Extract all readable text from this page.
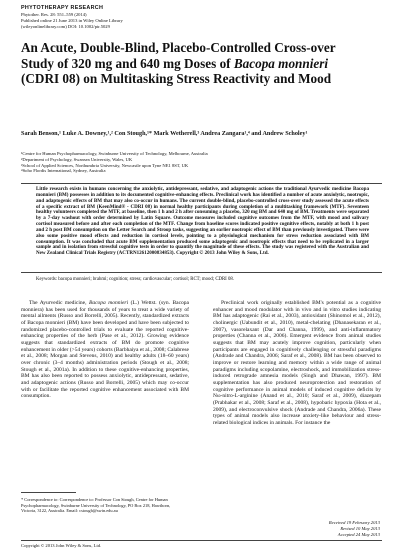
PHYTOTHERAPY RESEARCH
Phytother. Res. 28: 551–559 (2014)
Published online 21 June 2013 in Wiley Online Library
(wileyonlinelibrary.com) DOI: 10.1002/ptr.5029
An Acute, Double-Blind, Placebo-Controlled Cross-over Study of 320 mg and 640 mg Doses of Bacopa monnieri (CDRI 08) on Multitasking Stress Reactivity and Mood

Sarah Benson,¹ Luke A. Downey,¹,² Con Stough,¹* Mark Wetherell,³ Andrea Zangara¹,⁴ and Andrew Scholey¹

¹Centre for Human Psychopharmacology, Swinburne University of Technology, Melbourne, Australia
²Department of Psychology, Swansea University, Wales, UK
³School of Applied Sciences, Northumbria University, Newcastle upon Tyne NE1 8ST, UK
⁴Soho Flordis International, Sydney, Australia

Little research exists in humans concerning the anxiolytic, antidepressant, sedative, and adaptogenic actions the traditional Ayurvedic medicine Bacopa monnieri (BM) possesses in addition to its documented cognitive-enhancing effects. Preclinical work has identified a number of acute anxiolytic, nootropic, and adaptogenic effects of BM that may also co-occur in humans. The current double-blind, placebo-controlled cross-over study assessed the acute effects of a specific extract of BM (KeenMind® - CDRI 08) in normal healthy participants during completion of a multitasking framework (MTF). Seventeen healthy volunteers completed the MTF, at baseline, then 1 h and 2 h after consuming a placebo, 320 mg BM and 640 mg of BM. Treatments were separated by a 7-day washout with order determined by Latin Square. Outcome measures included cognitive outcomes from the MTF, with mood and salivary cortisol measured before and after each completion of the MTF. Change from baseline scores indicated positive cognitive effects, notably at both 1 h post and 2 h post BM consumption on the Letter Search and Stroop tasks, suggesting an earlier nootropic effect of BM than previously investigated. There were also some positive mood effects and reduction in cortisol levels, pointing to a physiological mechanism for stress reduction associated with BM consumption. It was concluded that acute BM supplementation produced some adaptogenic and nootropic effects that need to be replicated in a larger sample and in isolation from stressful cognitive tests in order to quantify the magnitude of these effects. The study was registered with the Australian and New Zealand Clinical Trials Registry (ACTRN12612000834853). Copyright © 2013 John Wiley & Sons, Ltd.

Keywords: bacopa monnieri; brahmi; cognition; stress; cardiovascular; cortisol; RCT; mood; CDRI 08.

The Ayurvedic medicine, Bacopa monnieri (L.) Wettst. (syn. Bacopa monniera) has been used for thousands of years to treat a wide variety of mental ailments (Russo and Borrelli, 2005). Recently, standardized extracts of Bacopa monnieri (BM) have been developed and have been subjected to randomized placebo-controlled trials to evaluate the reported cognitive-enhancing properties of the herb (Pase et al., 2012). Growing evidence suggests that standardized extracts of BM do promote cognitive enhancement in older (>54 years) cohorts (Barbhaiya et al., 2008; Calabrese et al., 2008; Morgan and Stevens, 2010) and healthy adults (18–60 years) over chronic (3–4 months) administration periods (Stough et al., 2008; Stough et al., 2001a). In addition to these cognitive-enhancing properties, BM has also been reported to possess anxiolytic, antidepressant, sedative, and adaptogenic actions (Russo and Borrelli, 2005) which may co-occur with or facilitate the reported cognitive enhancement associated with BM consumption.

Preclinical work originally established BM's potential as a cognitive enhancer and mood modulator with in vivo and in vitro studies indicating BM has adaptogenic (Rai et al., 2003), antioxidant (Shinomol et al., 2012), cholinergic (Uabundit et al., 2010), metal-chelating (Dhanasekaran et al., 2007), vasorelaxant (Dar and Channa, 1999), and anti-inflammatory properties (Channa et al., 2006). Emergent evidence from animal studies suggests that BM may acutely improve cognition, particularly when participants are engaged in cognitively challenging or stressful paradigms (Andrade and Chandra, 2006; Saraf et al., 2008). BM has been observed to improve or restore learning and memory within a wide range of animal paradigms including scopolamine, electroshock, and immobilization stress-induced retrograde amnesia models (Singh and Dhawan, 1997). BM supplementation has also produced neuroprotection and restoration of cognitive performance in animal models of induced cognitive deficits by Nω-nitro-L-arginine (Anand et al., 2010; Saraf et al., 2009), diazepam (Prabhakar et al., 2008; Saraf et al., 2008), hypobaric hypoxia (Hota et al., 2009), and electroconvulsive shock (Andrade and Chandra, 2006a). These types of animal models also increase anxiety-like behaviour and stress-related biological indices in animals. For instance the

* Correspondence to: Correspondence to: Professor Con Stough, Centre for Human Psychopharmacology, Swinburne University of Technology, PO Box 218, Hawthorn, Victoria, 3122, Australia. Email: cstough@swin.edu.au

Received 19 February 2013
Revised 10 May 2013
Accepted 24 May 2013
Copyright © 2013 John Wiley & Sons, Ltd.
